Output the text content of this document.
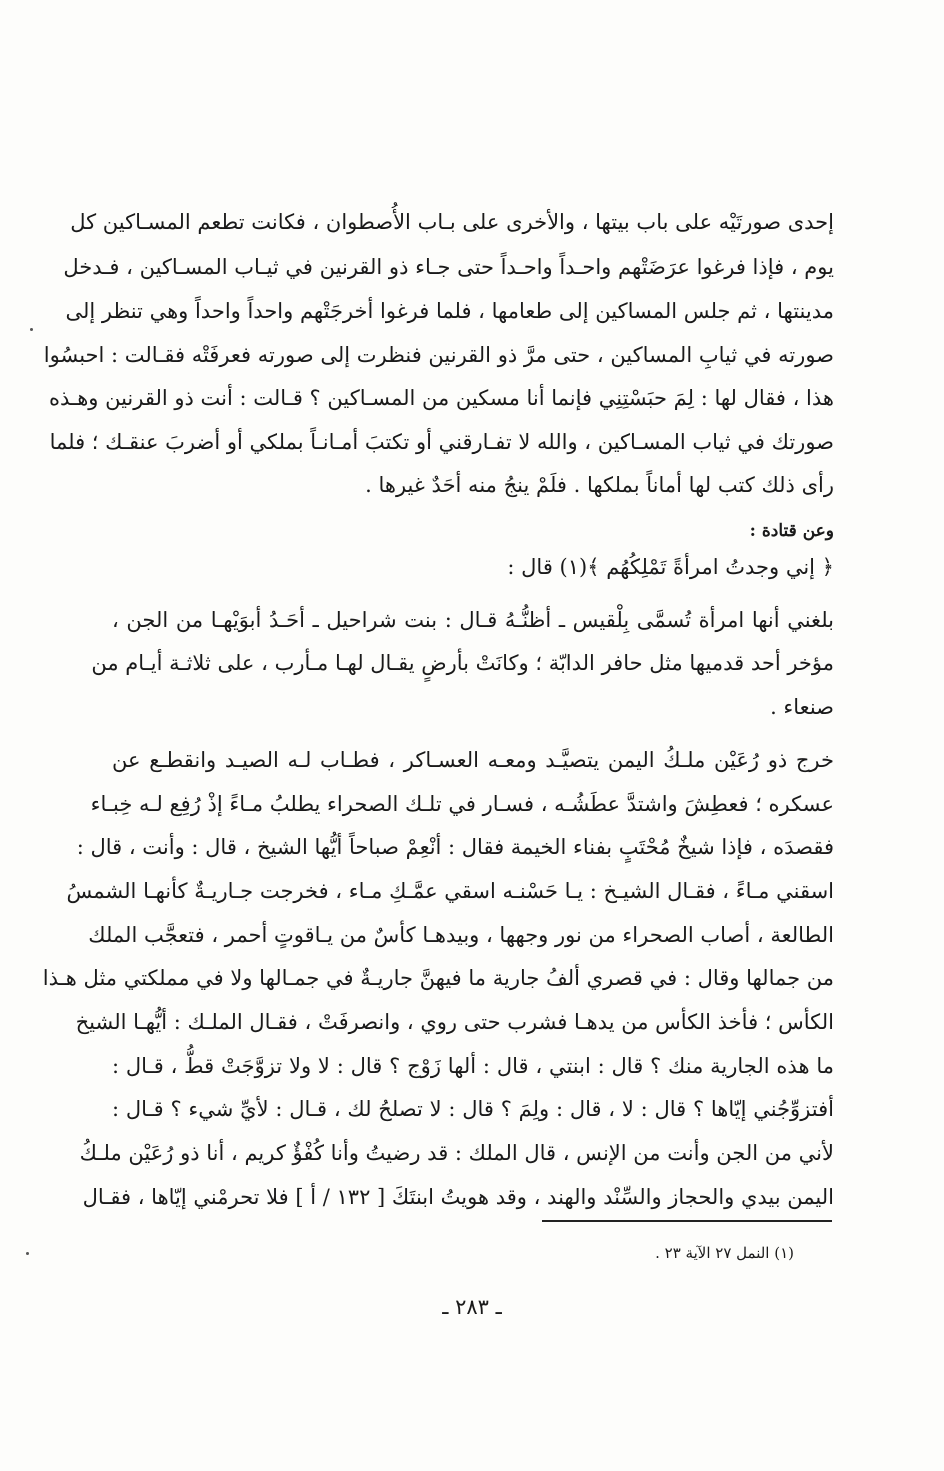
إحدى صورتَيْه على باب بيتها ، والأخرى على بـاب الأُصطوان ، فكانت تطعم المسـاكين كل
يوم ، فإذا فرغوا عرَضَتْهم واحـداً واحـداً حتى جـاء ذو القرنين في ثيـاب المسـاكين ، فـدخل
مدينتها ، ثم جلس المساكين إلى طعامها ، فلما فرغوا أخرجَتْهم واحداً واحداً وهي تنظر إلى
صورته في ثيابِ المساكين ، حتى مرَّ ذو القرنين فنظرت إلى صورته فعرفَتْه فقـالت : احبسُوا
هذا ، فقال لها : لِمَ حبَسْتِنِي فإنما أنا مسكين من المسـاكين ؟ قـالت : أنت ذو القرنين وهـذه
صورتك في ثياب المسـاكين ، والله لا تفـارقني أو تكتبَ أمـانـاً بملكي أو أضربَ عنقـك ؛ فلما
رأى ذلك كتب لها أماناً بملكها . فلَمْ ينجُ منه أحَدٌ غيرها .
وعن قتادة :
﴿ إني وجدتُ امرأةً تَمْلِكُهُم ﴾(١) قال :
بلغني أنها امرأة تُسمَّى بِلْقيس ـ أظنُّـهُ قـال : بنت شراحيل ـ أحَـدُ أبوَيْهـا من الجن ،
مؤخر أحد قدميها مثل حافر الدابّة ؛ وكانَتْ بأرضٍ يقـال لهـا مـأرب ، على ثلاثـة أيـام من
صنعاء .
خرج ذو رُعَيْن ملـكُ اليمن يتصيَّـد ومعـه العسـاكر ، فطـاب لـه الصيـد وانقطـع عن
عسكره ؛ فعطِشَ واشتدَّ عطَشُـه ، فسـار في تلـك الصحراء يطلبُ مـاءً إذْ رُفِع لـه خِبـاء
فقصدَه ، فإذا شيخٌ مُحْتَبٍ بفناء الخيمة فقال : أنْعِمْ صباحاً أيُّها الشيخ ، قال : وأنت ، قال :
اسقني مـاءً ، فقـال الشيـخ : يـا حَسْنـه اسقي عمَّـكِ مـاء ، فخرجت جـاريـةٌ كأنهـا الشمسُ
الطالعة ، أصاب الصحراء من نور وجهها ، وبيدهـا كأسٌ من يـاقوتٍ أحمر ، فتعجَّب الملك
من جمالها وقال : في قصري ألفُ جارية ما فيهنَّ جاريـةٌ في جمـالها ولا في مملكتي مثل هـذا
الكأس ؛ فأخذ الكأس من يدهـا فشرب حتى روي ، وانصرفَتْ ، فقـال الملـك : أيُّهـا الشيخ
ما هذه الجارية منك ؟ قال : ابنتي ، قال : ألها زَوْج ؟ قال : لا ولا تزوَّجَتْ قطُّ ، قـال :
أفتزوِّجُني إيّاها ؟ قال : لا ، قال : ولِمَ ؟ قال : لا تصلحُ لك ، قـال : لأيِّ شيء ؟ قـال :
لأني من الجن وأنت من الإنس ، قال الملك : قد رضيتُ وأنا كُفْؤٌ كريم ، أنا ذو رُعَيْن ملـكُ
اليمن بيدي والحجاز والسِّنْد والهند ، وقد هويتُ ابنتَكَ [ ١٣٢ / أ ] فلا تحرمْني إيّاها ، فقـال
(١) النمل ٢٧ الآية ٢٣ .
ـ ٢٨٣ ـ
